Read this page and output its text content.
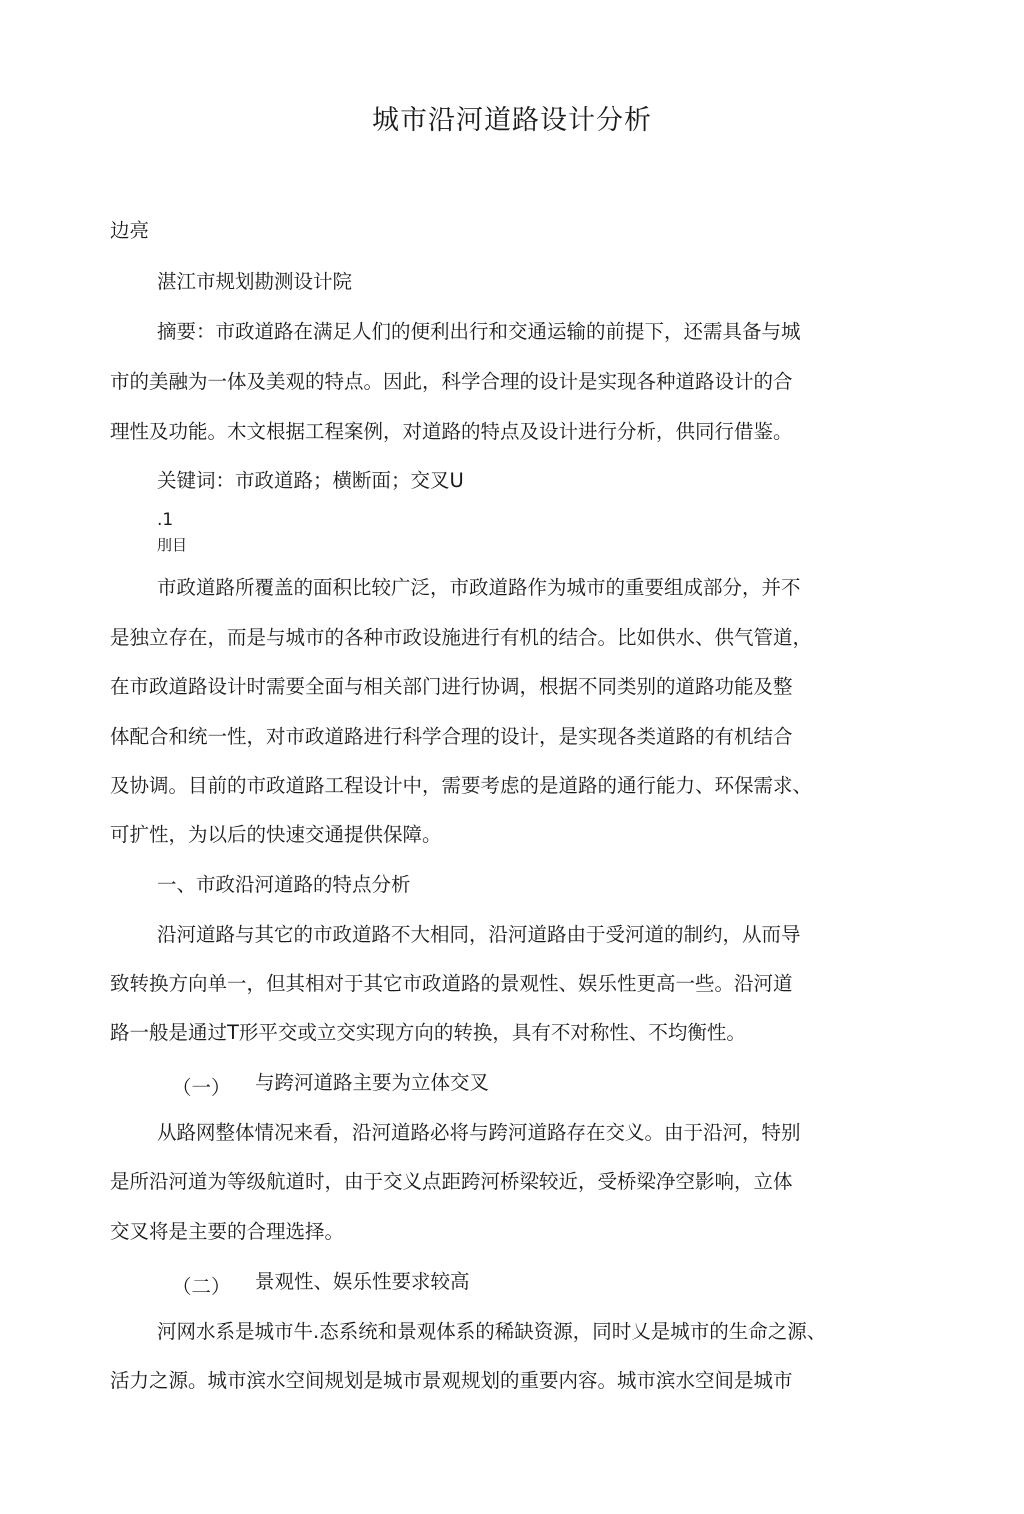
城市沿河道路设计分析
边亮
湛江市规划勘测设计院
摘要：市政道路在满足人们的便利出行和交通运输的前提下，还需具备与城
市的美融为一体及美观的特点。因此，科学合理的设计是实现各种道路设计的合
理性及功能。木文根据工程案例，对道路的特点及设计进行分析，供同行借鉴。
关键词：市政道路；横断面；交叉U
.1
刖目
市政道路所覆盖的面积比较广泛，市政道路作为城市的重要组成部分，并不
是独立存在，而是与城市的各种市政设施进行有机的结合。比如供水、供气管道，
在市政道路设计时需要全面与相关部门进行协调，根据不同类别的道路功能及整
体配合和统一性，对市政道路进行科学合理的设计，是实现各类道路的有机结合
及协调。目前的市政道路工程设计中，需要考虑的是道路的通行能力、环保需求、
可扩性，为以后的快速交通提供保障。
一、市政沿河道路的特点分析
沿河道路与其它的市政道路不大相同，沿河道路由于受河道的制约，从而导
致转换方向单一，但其相对于其它市政道路的景观性、娱乐性更高一些。沿河道
路一般是通过T形平交或立交实现方向的转换，具有不对称性、不均衡性。
（一） 与跨河道路主要为立体交叉
从路网整体情况来看，沿河道路必将与跨河道路存在交义。由于沿河，特别
是所沿河道为等级航道时，由于交义点距跨河桥梁较近，受桥梁净空影响，立体
交叉将是主要的合理选择。
（二） 景观性、娱乐性要求较高
河网水系是城市牛.态系统和景观体系的稀缺资源，同时乂是城市的生命之源、
活力之源。城市滨水空间规划是城市景观规划的重要内容。城市滨水空间是城市
